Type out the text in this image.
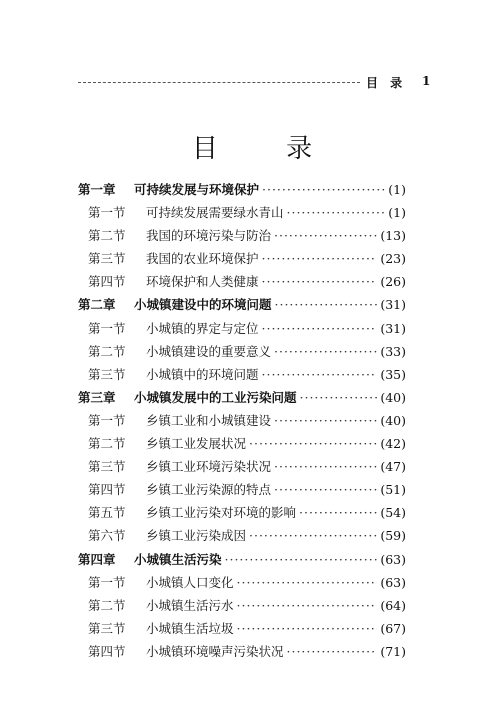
目 录 1
目 录
第一章	可持续发展与环境保护 ·····	(1)
第一节	可持续发展需要绿水青山 ·····	(1)
第二节	我国的环境污染与防治 ·····	(13)
第三节	我国的农业环境保护 ·····	(23)
第四节	环境保护和人类健康 ·····	(26)
第二章	小城镇建设中的环境问题 ·····	(31)
第一节	小城镇的界定与定位 ·····	(31)
第二节	小城镇建设的重要意义 ·····	(33)
第三节	小城镇中的环境问题 ·····	(35)
第三章	小城镇发展中的工业污染问题 ·····	(40)
第一节	乡镇工业和小城镇建设 ·····	(40)
第二节	乡镇工业发展状况 ·····	(42)
第三节	乡镇工业环境污染状况 ·····	(47)
第四节	乡镇工业污染源的特点 ·····	(51)
第五节	乡镇工业污染对环境的影响 ·····	(54)
第六节	乡镇工业污染成因 ·····	(59)
第四章	小城镇生活污染 ·····	(63)
第一节	小城镇人口变化 ·····	(63)
第二节	小城镇生活污水 ·····	(64)
第三节	小城镇生活垃圾 ·····	(67)
第四节	小城镇环境噪声污染状况 ·····	(71)
